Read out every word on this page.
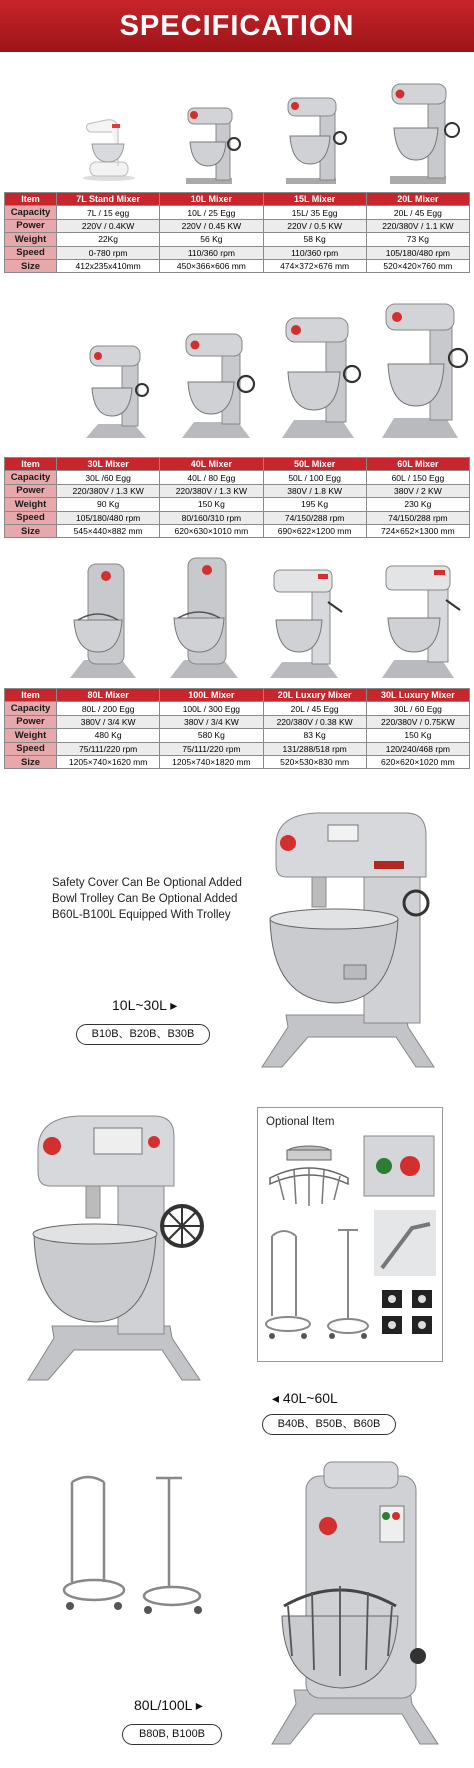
SPECIFICATION
Item	7L Stand Mixer	10L Mixer	15L Mixer	20L Mixer
Capacity	7L / 15 egg	10L / 25 Egg	15L/ 35 Egg	20L / 45 Egg
Power	220V / 0.4KW	220V / 0.45 KW	220V / 0.5 KW	220/380V / 1.1 KW
Weight	22Kg	56 Kg	58 Kg	73 Kg
Speed	0-780 rpm	110/360 rpm	110/360 rpm	105/180/480 rpm
Size	412x235x410mm	450×366×606 mm	474×372×676 mm	520×420×760 mm
Item	30L Mixer	40L Mixer	50L Mixer	60L Mixer
Capacity	30L /60 Egg	40L / 80 Egg	50L / 100 Egg	60L / 150 Egg
Power	220/380V / 1.3 KW	220/380V / 1.3 KW	380V / 1.8 KW	380V / 2 KW
Weight	90 Kg	150 Kg	195 Kg	230 Kg
Speed	105/180/480 rpm	80/160/310 rpm	74/150/288 rpm	74/150/288 rpm
Size	545×440×882 mm	620×630×1010 mm	690×622×1200 mm	724×652×1300 mm
Item	80L Mixer	100L Mixer	20L Luxury Mixer	30L Luxury Mixer
Capacity	80L / 200 Egg	100L / 300 Egg	20L / 45 Egg	30L / 60 Egg
Power	380V / 3/4 KW	380V / 3/4 KW	220/380V / 0.38 KW	220/380V / 0.75KW
Weight	480 Kg	580 Kg	83 Kg	150 Kg
Speed	75/111/220 rpm	75/111/220 rpm	131/288/518 rpm	120/240/468 rpm
Size	1205×740×1620 mm	1205×740×1820 mm	520×530×830 mm	620×620×1020 mm
Safety Cover Can Be Optional Added
Bowl Trolley Can Be Optional Added
B60L-B100L Equipped With Trolley
10L~30L ▸
B10B、B20B、B30B
Optional Item
◂ 40L~60L
B40B、B50B、B60B
80L/100L ▸
B80B, B100B
